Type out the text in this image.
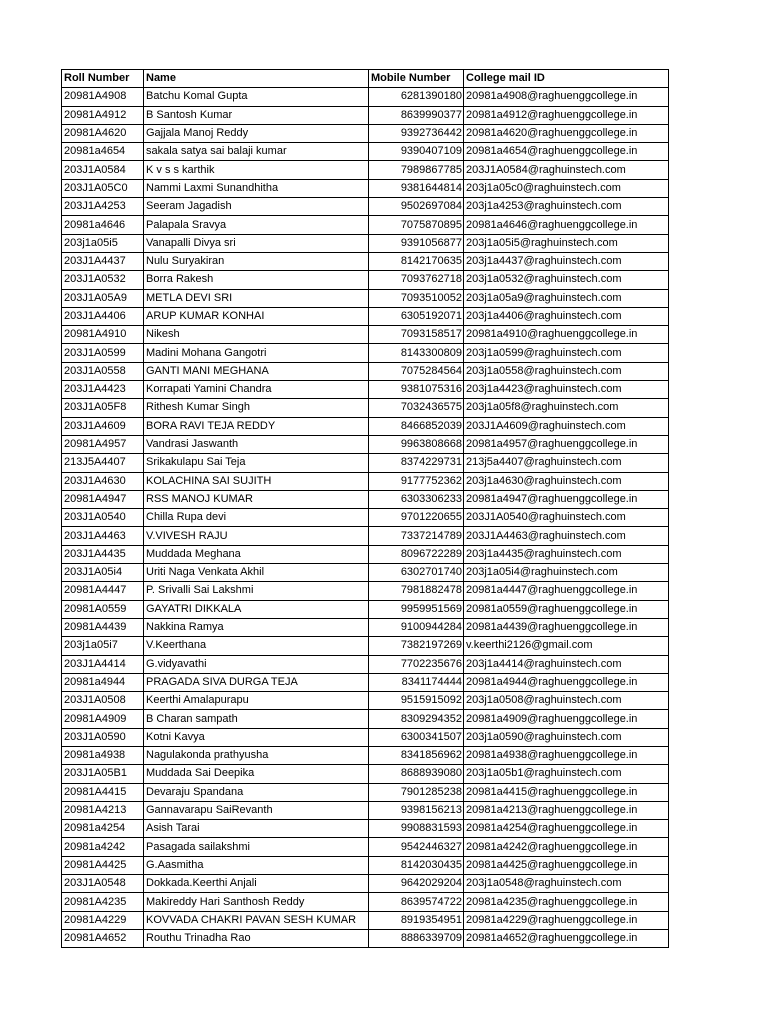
Roll Number	Name	Mobile Number	College mail ID
20981A4908	Batchu Komal Gupta	6281390180	20981a4908@raghuenggcollege.in
20981A4912	B Santosh Kumar	8639990377	20981a4912@raghuenggcollege.in
20981A4620	Gajjala Manoj Reddy	9392736442	20981a4620@raghuenggcollege.in
20981a4654	sakala satya sai balaji kumar	9390407109	20981a4654@raghuenggcollege.in
203J1A0584	K v s s karthik	7989867785	203J1A0584@raghuinstech.com
203J1A05C0	Nammi Laxmi Sunandhitha	9381644814	203j1a05c0@raghuinstech.com
203J1A4253	Seeram Jagadish	9502697084	203j1a4253@raghuinstech.com
20981a4646	Palapala Sravya	7075870895	20981a4646@raghuenggcollege.in
203j1a05i5	Vanapalli Divya sri	9391056877	203j1a05i5@raghuinstech.com
203J1A4437	Nulu Suryakiran	8142170635	203j1a4437@raghuinstech.com
203J1A0532	Borra Rakesh	7093762718	203j1a0532@raghuinstech.com
203J1A05A9	METLA DEVI SRI	7093510052	203j1a05a9@raghuinstech.com
203J1A4406	ARUP KUMAR KONHAI	6305192071	203j1a4406@raghuinstech.com
20981A4910	Nikesh	7093158517	20981a4910@raghuenggcollege.in
203J1A0599	Madini Mohana Gangotri	8143300809	203j1a0599@raghuinstech.com
203J1A0558	GANTI MANI MEGHANA	7075284564	203j1a0558@raghuinstech.com
203J1A4423	Korrapati Yamini Chandra	9381075316	203j1a4423@raghuinstech.com
203J1A05F8	Rithesh Kumar Singh	7032436575	203j1a05f8@raghuinstech.com
203J1A4609	BORA RAVI TEJA REDDY	8466852039	203J1A4609@raghuinstech.com
20981A4957	Vandrasi Jaswanth	9963808668	20981a4957@raghuenggcollege.in
213J5A4407	Srikakulapu Sai Teja	8374229731	213j5a4407@raghuinstech.com
203J1A4630	KOLACHINA SAI SUJITH	9177752362	203j1a4630@raghuinstech.com
20981A4947	RSS MANOJ KUMAR	6303306233	20981a4947@raghuenggcollege.in
203J1A0540	Chilla Rupa devi	9701220655	203J1A0540@raghuinstech.com
203J1A4463	V.VIVESH RAJU	7337214789	203J1A4463@raghuinstech.com
203J1A4435	Muddada Meghana	8096722289	203j1a4435@raghuinstech.com
203J1A05i4	Uriti Naga Venkata Akhil	6302701740	203j1a05i4@raghuinstech.com
20981A4447	P. Srivalli Sai Lakshmi	7981882478	20981a4447@raghuenggcollege.in
20981A0559	GAYATRI DIKKALA	9959951569	20981a0559@raghuenggcollege.in
20981A4439	Nakkina Ramya	9100944284	20981a4439@raghuenggcollege.in
203j1a05i7	V.Keerthana	7382197269	v.keerthi2126@gmail.com
203J1A4414	G.vidyavathi	7702235676	203j1a4414@raghuinstech.com
20981a4944	PRAGADA SIVA DURGA TEJA	8341174444	20981a4944@raghuenggcollege.in
203J1A0508	Keerthi Amalapurapu	9515915092	203j1a0508@raghuinstech.com
20981A4909	B Charan sampath	8309294352	20981a4909@raghuenggcollege.in
203J1A0590	Kotni Kavya	6300341507	203j1a0590@raghuinstech.com
20981a4938	Nagulakonda prathyusha	8341856962	20981a4938@raghuenggcollege.in
203J1A05B1	Muddada Sai Deepika	8688939080	203j1a05b1@raghuinstech.com
20981A4415	Devaraju Spandana	7901285238	20981a4415@raghuenggcollege.in
20981A4213	Gannavarapu SaiRevanth	9398156213	20981a4213@raghuenggcollege.in
20981a4254	Asish Tarai	9908831593	20981a4254@raghuenggcollege.in
20981a4242	Pasagada sailakshmi	9542446327	20981a4242@raghuenggcollege.in
20981A4425	G.Aasmitha	8142030435	20981a4425@raghuenggcollege.in
203J1A0548	Dokkada.Keerthi Anjali	9642029204	203j1a0548@raghuinstech.com
20981A4235	Makireddy Hari Santhosh Reddy	8639574722	20981a4235@raghuenggcollege.in
20981A4229	KOVVADA CHAKRI PAVAN SESH KUMAR	8919354951	20981a4229@raghuenggcollege.in
20981A4652	Routhu Trinadha Rao	8886339709	20981a4652@raghuenggcollege.in
